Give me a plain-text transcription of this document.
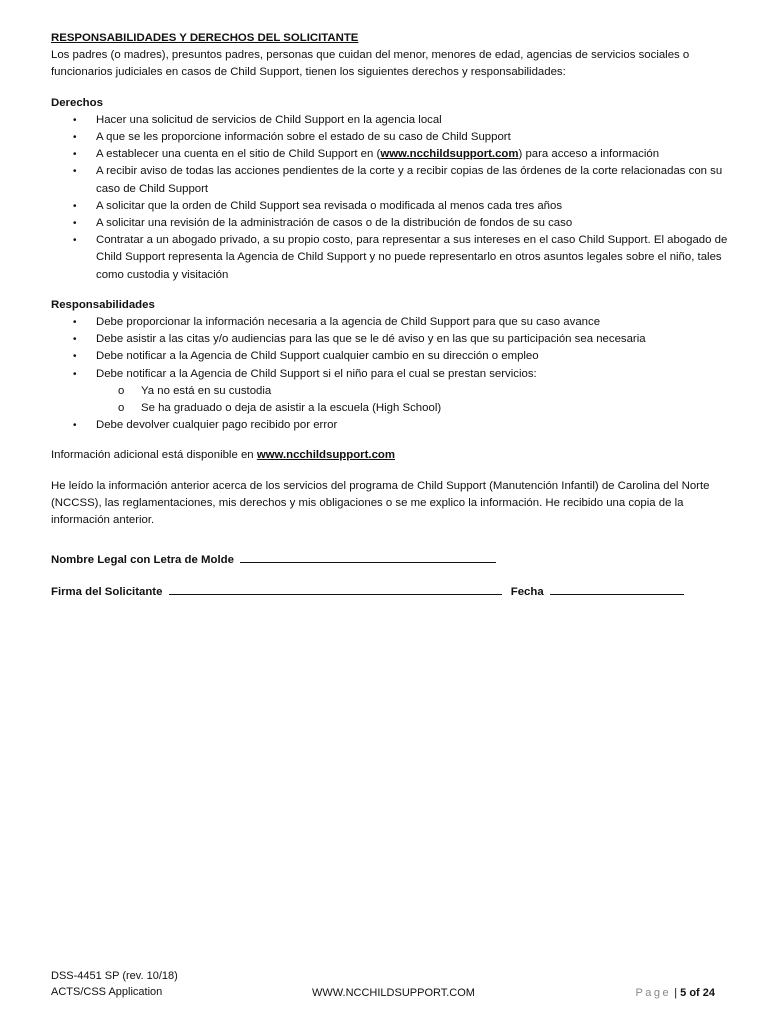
RESPONSABILIDADES Y DERECHOS DEL SOLICITANTE
Los padres (o madres), presuntos padres, personas que cuidan del menor, menores de edad, agencias de servicios sociales o funcionarios judiciales en casos de Child Support, tienen los siguientes derechos y responsabilidades:
Derechos
• Hacer una solicitud de servicios de Child Support en la agencia local
• A que se les proporcione información sobre el estado de su caso de Child Support
• A establecer una cuenta en el sitio de Child Support en (www.ncchildsupport.com) para acceso a información
• A recibir aviso de todas las acciones pendientes de la corte y a recibir copias de las órdenes de la corte relacionadas con su caso de Child Support
• A solicitar que la orden de Child Support sea revisada o modificada al menos cada tres años
• A solicitar una revisión de la administración de casos o de la distribución de fondos de su caso
• Contratar a un abogado privado, a su propio costo, para representar a sus intereses en el caso Child Support. El abogado de Child Support representa la Agencia de Child Support y no puede representarlo en otros asuntos legales sobre el niño, tales como custodia y visitación
Responsabilidades
• Debe proporcionar la información necesaria a la agencia de Child Support para que su caso avance
• Debe asistir a las citas y/o audiencias para las que se le dé aviso y en las que su participación sea necesaria
• Debe notificar a la Agencia de Child Support cualquier cambio en su dirección o empleo
• Debe notificar a la Agencia de Child Support si el niño para el cual se prestan servicios:
o Ya no está en su custodia
o Se ha graduado o deja de asistir a la escuela (High School)
• Debe devolver cualquier pago recibido por error
Información adicional está disponible en www.ncchildsupport.com
He leído la información anterior acerca de los servicios del programa de Child Support (Manutención Infantil) de Carolina del Norte (NCCSS), las reglamentaciones, mis derechos y mis obligaciones o se me explico la información. He recibido una copia de la información anterior.
Nombre Legal con Letra de Molde
Firma del Solicitante	Fecha
DSS-4451 SP (rev. 10/18)
ACTS/CSS Application	WWW.NCCHILDSUPPORT.COM	Page | 5 of 24
